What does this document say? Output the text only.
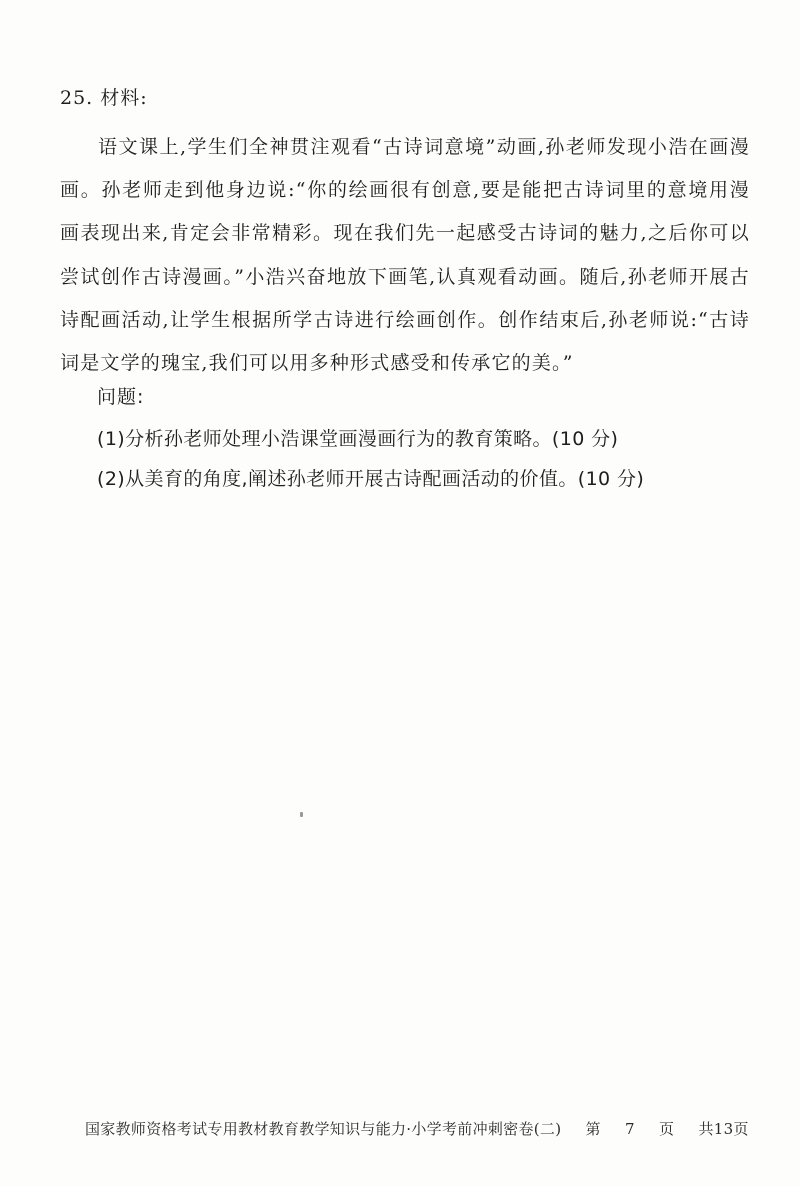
25. 材料:

语文课上,学生们全神贯注观看“古诗词意境”动画,孙老师发现小浩在画漫画。孙老师走到他身边说:“你的绘画很有创意,要是能把古诗词里的意境用漫画表现出来,肯定会非常精彩。现在我们先一起感受古诗词的魅力,之后你可以尝试创作古诗漫画。”小浩兴奋地放下画笔,认真观看动画。随后,孙老师开展古诗配画活动,让学生根据所学古诗进行绘画创作。创作结束后,孙老师说:“古诗词是文学的瑰宝,我们可以用多种形式感受和传承它的美。”

问题:
(1)分析孙老师处理小浩课堂画漫画行为的教育策略。(10 分)
(2)从美育的角度,阐述孙老师开展古诗配画活动的价值。(10 分)
国家教师资格考试专用教材教育教学知识与能力·小学考前冲刺密卷(二) 第 7 页 共13页
